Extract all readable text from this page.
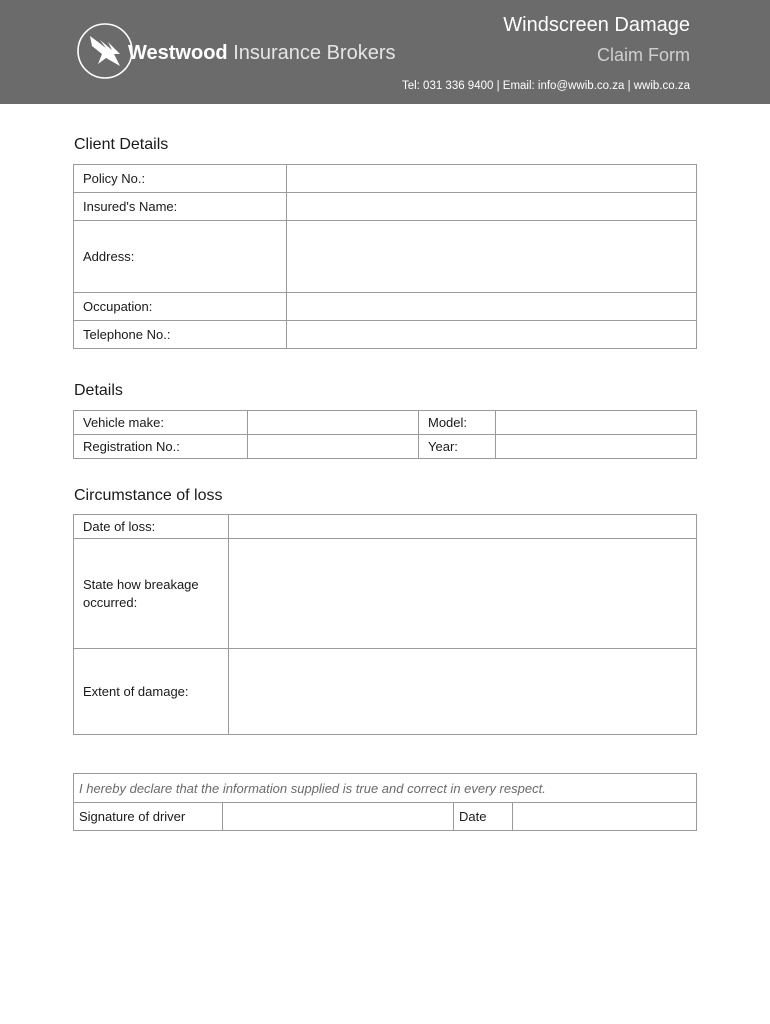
Westwood Insurance Brokers
Windscreen Damage
Claim Form
Tel: 031 336 9400 | Email: info@wwib.co.za | wwib.co.za
Client Details
Policy No.:	
Insured's Name:	
Address:	
Occupation:	
Telephone No.:	
Details
Vehicle make:		Model:	
Registration No.:		Year:	
Circumstance of loss
Date of loss:	
State how breakage occurred:	
Extent of damage:	
I hereby declare that the information supplied is true and correct in every respect.
Signature of driver		Date	
